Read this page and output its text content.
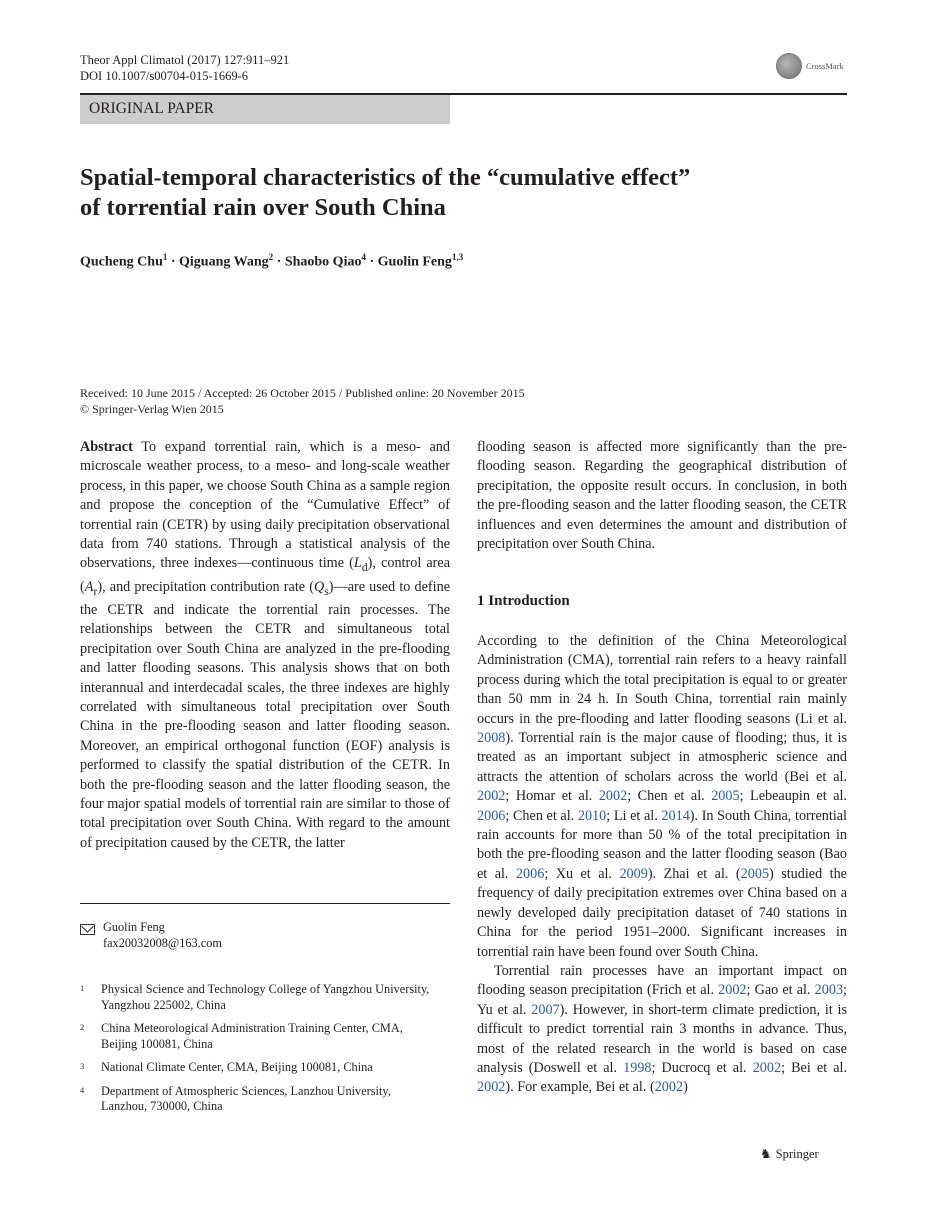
Theor Appl Climatol (2017) 127:911–921
DOI 10.1007/s00704-015-1669-6
CrossMark
ORIGINAL PAPER
Spatial-temporal characteristics of the “cumulative effect”
of torrential rain over South China
Qucheng Chu$^1$ · Qiguang Wang$^2$ · Shaobo Qiao$^4$ · Guolin Feng$^{1,3}$
Received: 10 June 2015 / Accepted: 26 October 2015 / Published online: 20 November 2015
© Springer-Verlag Wien 2015
Abstract To expand torrential rain, which is a meso- and microscale weather process, to a meso- and long-scale weather process, in this paper, we choose South China as a sample region and propose the conception of the “Cumulative Effect” of torrential rain (CETR) by using daily precipitation observational data from 740 stations. Through a statistical analysis of the observations, three indexes—continuous time $(L_d)$, control area $(A_r)$, and precipitation contribution rate $(Q_s)—are$ used to define the CETR and indicate the torrential rain processes. The relationships between the CETR and simultaneous total precipitation over South China are analyzed in the pre-flooding and latter flooding seasons. This analysis shows that on both interannual and interdecadal scales, the three indexes are highly correlated with simultaneous total precipitation over South China in the pre-flooding season and latter flooding season. Moreover, an empirical orthogonal function (EOF) analysis is performed to classify the spatial distribution of the CETR. In both the pre-flooding season and the latter flooding season, the four major spatial models of torrential rain are similar to those of total precipitation over South China. With regard to the amount of precipitation caused by the CETR, the latter
flooding season is affected more significantly than the pre-flooding season. Regarding the geographical distribution of precipitation, the opposite result occurs. In conclusion, in both the pre-flooding season and the latter flooding season, the CETR influences and even determines the amount and distribution of precipitation over South China.
1 Introduction

According to the definition of the China Meteorological Administration (CMA), torrential rain refers to a heavy rainfall process during which the total precipitation is equal to or greater than 50 mm in 24 h. In South China, torrential rain mainly occurs in the pre-flooding and latter flooding seasons (Li et al. 2008). Torrential rain is the major cause of flooding; thus, it is treated as an important subject in atmospheric science and attracts the attention of scholars across the world (Bei et al. 2002; Homar et al. 2002; Chen et al. 2005; Lebeaupin et al. 2006; Chen et al. 2010; Li et al. 2014). In South China, torrential rain accounts for more than 50 % of the total precipitation in both the pre-flooding season and the latter flooding season (Bao et al. 2006; Xu et al. 2009). Zhai et al. (2005) studied the frequency of daily precipitation extremes over China based on a newly developed daily precipitation dataset of 740 stations in China for the period 1951–2000. Significant increases in torrential rain have been found over South China.

Torrential rain processes have an important impact on flooding season precipitation (Frich et al. 2002; Gao et al. 2003; Yu et al. 2007). However, in short-term climate prediction, it is difficult to predict torrential rain 3 months in advance. Thus, most of the related research in the world is based on case analysis (Doswell et al. 1998; Ducrocq et al. 2002; Bei et al. 2002). For example, Bei et al. (2002)

Guolin Feng
fax20032008@163.com
1	Physical Science and Technology College of Yangzhou University,
Yangzhou 225002, China
2	China Meteorological Administration Training Center, CMA,
Beijing 100081, China
3	National Climate Center, CMA, Beijing 100081, China
4	Department of Atmospheric Sciences, Lanzhou University,
Lanzhou, 730000, China
♞ Springer
